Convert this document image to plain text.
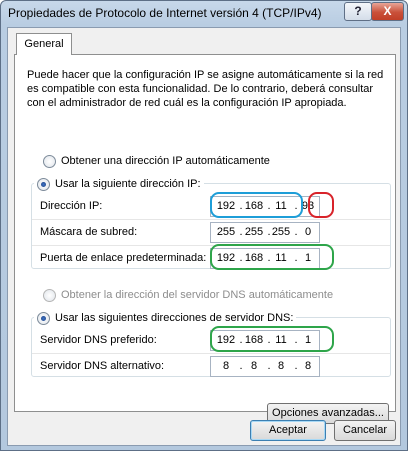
Propiedades de Protocolo de Internet versión 4 (TCP/IPv4)	?	X
General
Puede hacer que la configuración IP se asigne automáticamente si la red es compatible con esta funcionalidad. De lo contrario, deberá consultar con el administrador de red cuál es la configuración IP apropiada.
Obtener una dirección IP automáticamente
Usar la siguiente dirección IP:
Dirección IP:	192 . 168 . 11 . 93
Máscara de subred:	255 . 255 . 255 . 0
Puerta de enlace predeterminada: 192 . 168 . 11 . 1
Obtener la dirección del servidor DNS automáticamente
Usar las siguientes direcciones de servidor DNS:
Servidor DNS preferido:	192 . 168 . 11 . 1
Servidor DNS alternativo:	8 . 8 . 8 . 8
Opciones avanzadas...
Aceptar	Cancelar
